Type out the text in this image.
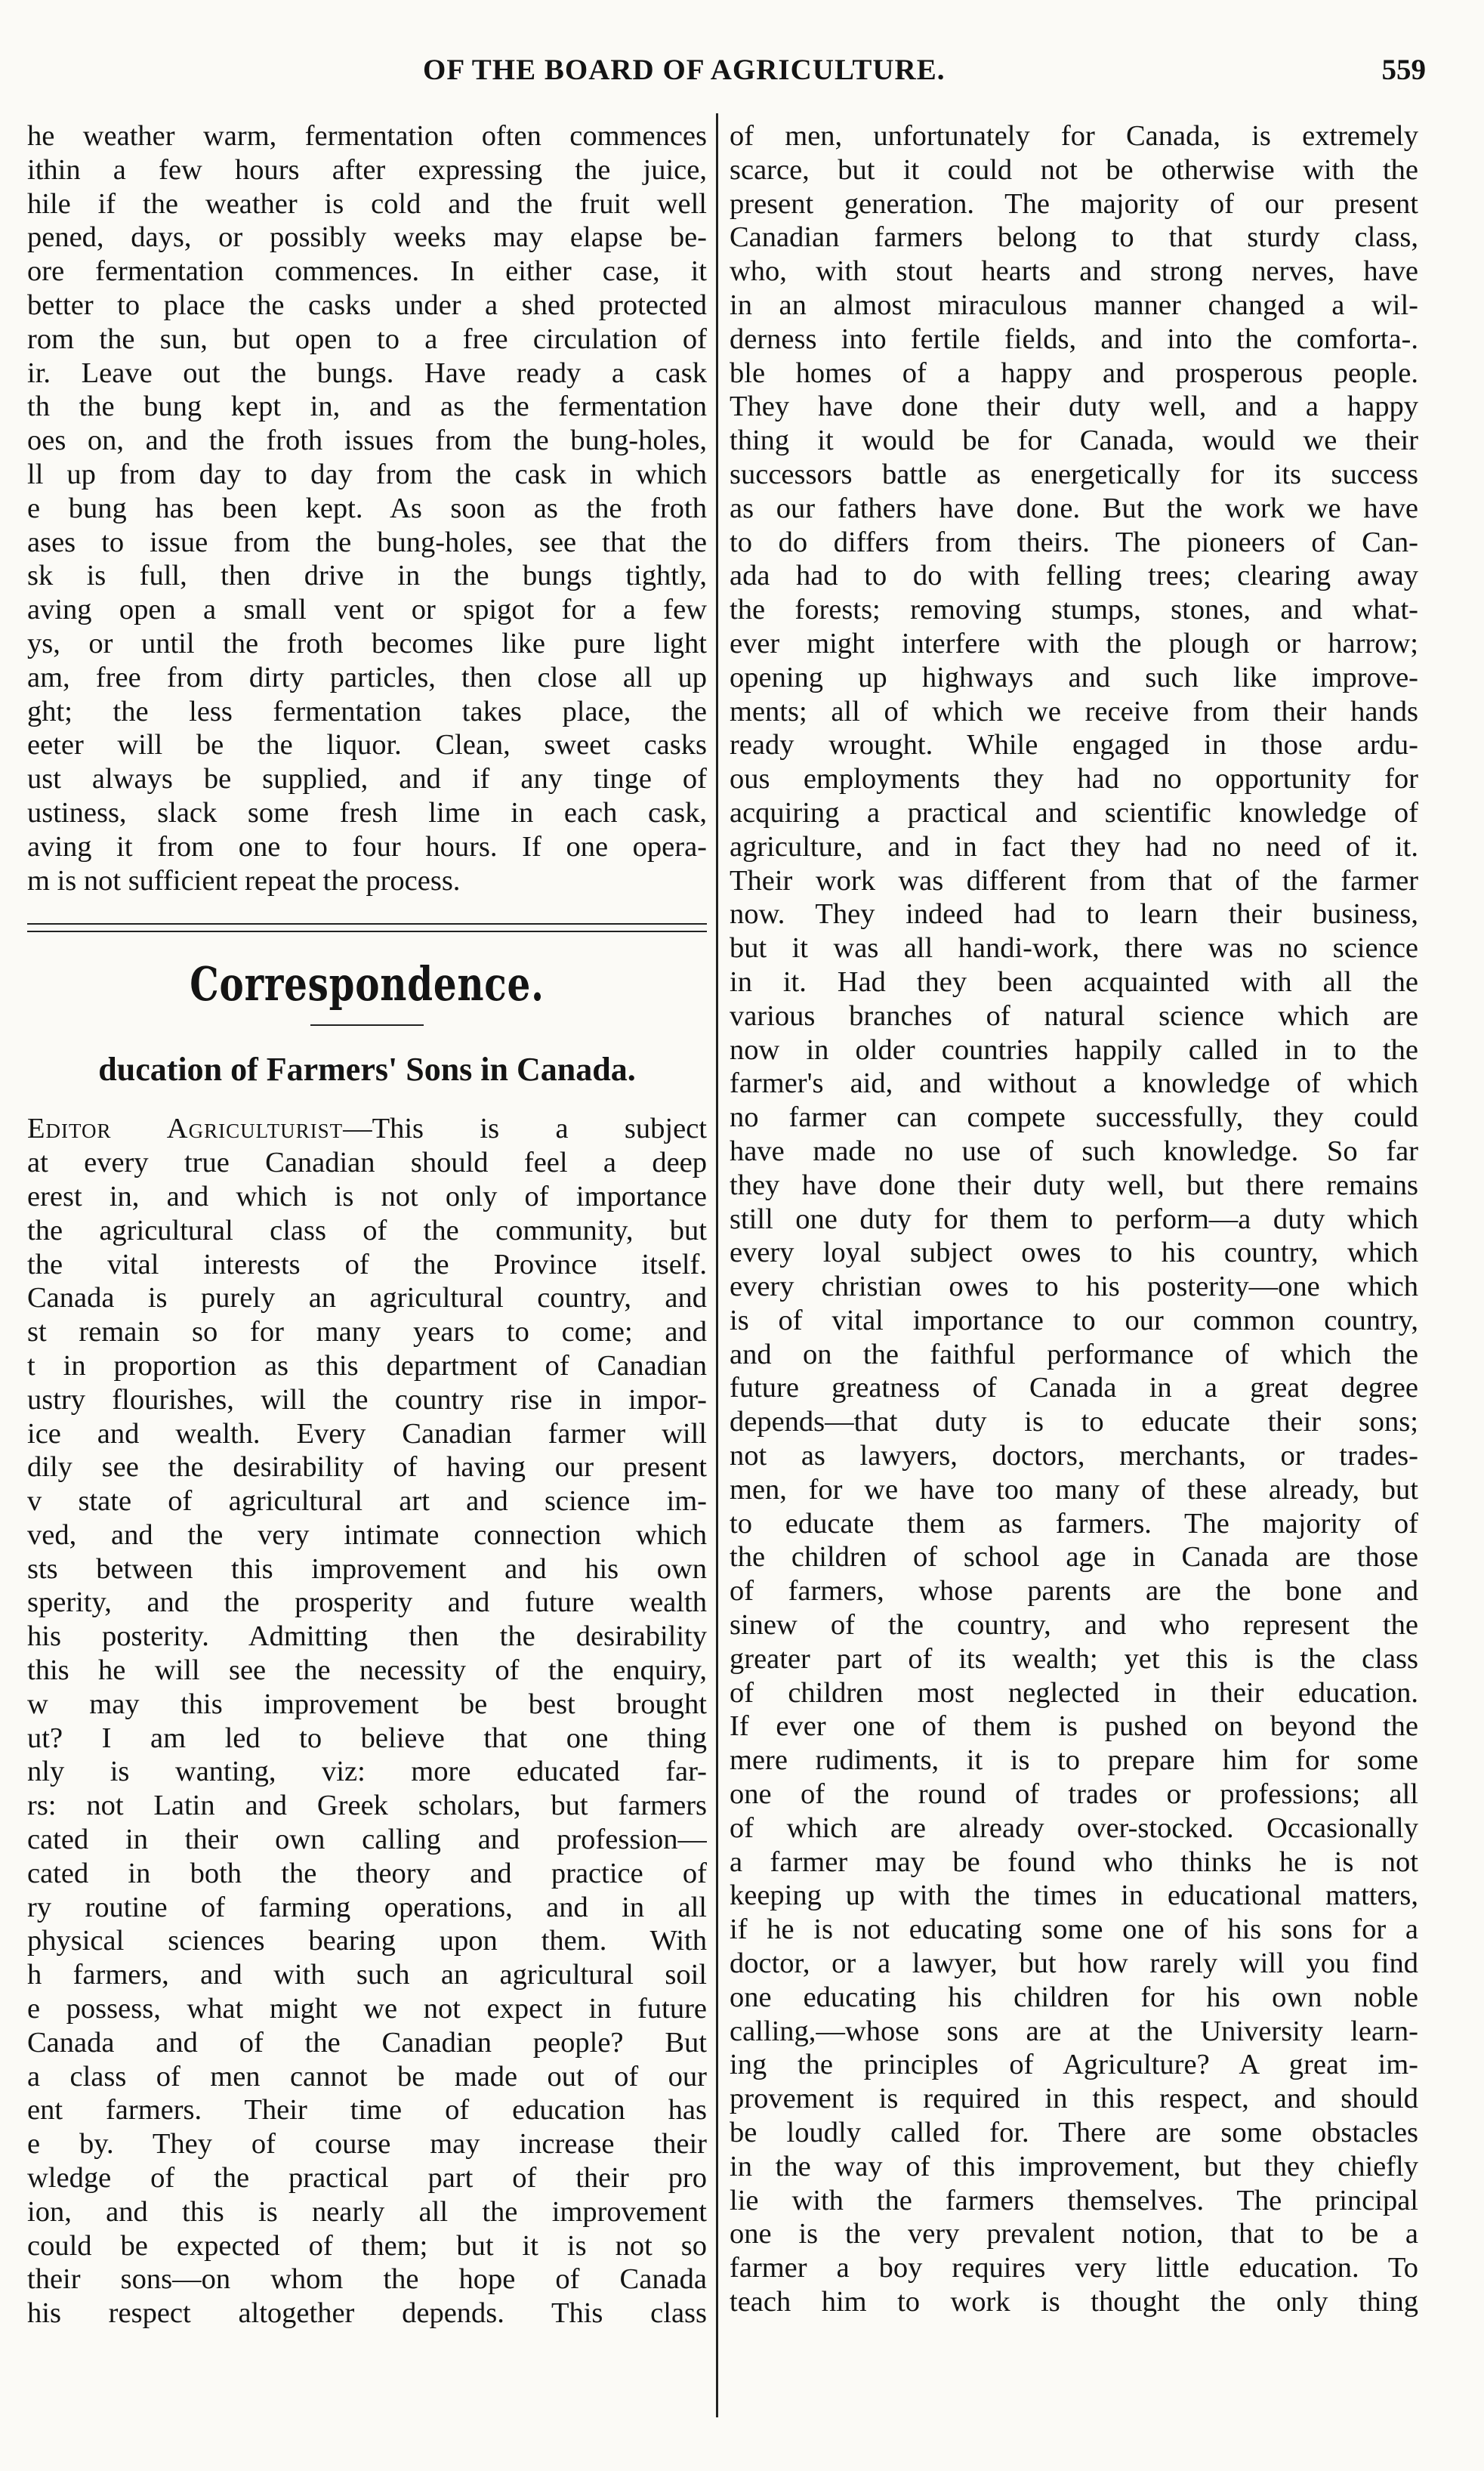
OF THE BOARD OF AGRICULTURE.	559
he weather warm, fermentation often commences
ithin a few hours after expressing the juice,
hile if the weather is cold and the fruit well
pened, days, or possibly weeks may elapse be-
ore fermentation commences. In either case, it
better to place the casks under a shed protected
rom the sun, but open to a free circulation of
ir. Leave out the bungs. Have ready a cask
th the bung kept in, and as the fermentation
oes on, and the froth issues from the bung-holes,
ll up from day to day from the cask in which
e bung has been kept. As soon as the froth
ases to issue from the bung-holes, see that the
sk is full, then drive in the bungs tightly,
aving open a small vent or spigot for a few
ys, or until the froth becomes like pure light
am, free from dirty particles, then close all up
ght; the less fermentation takes place, the
eeter will be the liquor. Clean, sweet casks
ust always be supplied, and if any tinge of
ustiness, slack some fresh lime in each cask,
aving it from one to four hours. If one opera-
m is not sufficient repeat the process.
Correspondence.
ducation of Farmers' Sons in Canada.
Editor Agriculturist—This is a subject
at every true Canadian should feel a deep
erest in, and which is not only of importance
the agricultural class of the community, but
the vital interests of the Province itself.
Canada is purely an agricultural country, and
st remain so for many years to come; and
t in proportion as this department of Canadian
ustry flourishes, will the country rise in impor-
ice and wealth. Every Canadian farmer will
dily see the desirability of having our present
v state of agricultural art and science im-
ved, and the very intimate connection which
sts between this improvement and his own
sperity, and the prosperity and future wealth
his posterity. Admitting then the desirability
this he will see the necessity of the enquiry,
w may this improvement be best brought
ut? I am led to believe that one thing
nly is wanting, viz: more educated far-
rs: not Latin and Greek scholars, but farmers
cated in their own calling and profession—
cated in both the theory and practice of
ry routine of farming operations, and in all
physical sciences bearing upon them. With
h farmers, and with such an agricultural soil
e possess, what might we not expect in future
Canada and of the Canadian people? But
a class of men cannot be made out of our
ent farmers. Their time of education has
e by. They of course may increase their
wledge of the practical part of their pro
ion, and this is nearly all the improvement
could be expected of them; but it is not so
their sons—on whom the hope of Canada
his respect altogether depends. This class
of men, unfortunately for Canada, is extremely
scarce, but it could not be otherwise with the
present generation. The majority of our present
Canadian farmers belong to that sturdy class,
who, with stout hearts and strong nerves, have
in an almost miraculous manner changed a wil-
derness into fertile fields, and into the comforta-.
ble homes of a happy and prosperous people.
They have done their duty well, and a happy
thing it would be for Canada, would we their
successors battle as energetically for its success
as our fathers have done. But the work we have
to do differs from theirs. The pioneers of Can-
ada had to do with felling trees; clearing away
the forests; removing stumps, stones, and what-
ever might interfere with the plough or harrow;
opening up highways and such like improve-
ments; all of which we receive from their hands
ready wrought. While engaged in those ardu-
ous employments they had no opportunity for
acquiring a practical and scientific knowledge of
agriculture, and in fact they had no need of it.
Their work was different from that of the farmer
now. They indeed had to learn their business,
but it was all handi-work, there was no science
in it. Had they been acquainted with all the
various branches of natural science which are
now in older countries happily called in to the
farmer's aid, and without a knowledge of which
no farmer can compete successfully, they could
have made no use of such knowledge. So far
they have done their duty well, but there remains
still one duty for them to perform—a duty which
every loyal subject owes to his country, which
every christian owes to his posterity—one which
is of vital importance to our common country,
and on the faithful performance of which the
future greatness of Canada in a great degree
depends—that duty is to educate their sons;
not as lawyers, doctors, merchants, or trades-
men, for we have too many of these already, but
to educate them as farmers. The majority of
the children of school age in Canada are those
of farmers, whose parents are the bone and
sinew of the country, and who represent the
greater part of its wealth; yet this is the class
of children most neglected in their education.
If ever one of them is pushed on beyond the
mere rudiments, it is to prepare him for some
one of the round of trades or professions; all
of which are already over-stocked. Occasionally
a farmer may be found who thinks he is not
keeping up with the times in educational matters,
if he is not educating some one of his sons for a
doctor, or a lawyer, but how rarely will you find
one educating his children for his own noble
calling,—whose sons are at the University learn-
ing the principles of Agriculture? A great im-
provement is required in this respect, and should
be loudly called for. There are some obstacles
in the way of this improvement, but they chiefly
lie with the farmers themselves. The principal
one is the very prevalent notion, that to be a
farmer a boy requires very little education. To
teach him to work is thought the only thing
